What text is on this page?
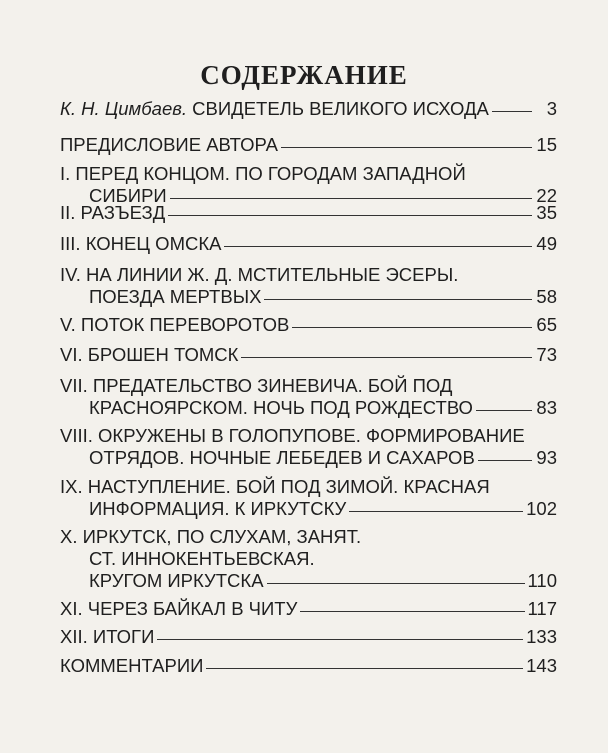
СОДЕРЖАНИЕ
К. Н. Цимбаев. СВИДЕТЕЛЬ ВЕЛИКОГО ИСХОДА	3
ПРЕДИСЛОВИЕ АВТОРА	15
I. ПЕРЕД КОНЦОМ. ПО ГОРОДАМ ЗАПАДНОЙ
СИБИРИ	22
II. РАЗЪЕЗД	35
III. КОНЕЦ ОМСКА	49
IV. НА ЛИНИИ Ж. Д. МСТИТЕЛЬНЫЕ ЭСЕРЫ.
ПОЕЗДА МЕРТВЫХ	58
V. ПОТОК ПЕРЕВОРОТОВ	65
VI. БРОШЕН ТОМСК	73
VII. ПРЕДАТЕЛЬСТВО ЗИНЕВИЧА. БОЙ ПОД
КРАСНОЯРСКОМ. НОЧЬ ПОД РОЖДЕСТВО	83
VIII. ОКРУЖЕНЫ В ГОЛОПУПОВЕ. ФОРМИРОВАНИЕ
ОТРЯДОВ. НОЧНЫЕ ЛЕБЕДЕВ И САХАРОВ	93
IX. НАСТУПЛЕНИЕ. БОЙ ПОД ЗИМОЙ. КРАСНАЯ
ИНФОРМАЦИЯ. К ИРКУТСКУ	102
X. ИРКУТСК, ПО СЛУХАМ, ЗАНЯТ.
СТ. ИННОКЕНТЬЕВСКАЯ.
КРУГОМ ИРКУТСКА	110
XI. ЧЕРЕЗ БАЙКАЛ В ЧИТУ	117
XII. ИТОГИ	133
КОММЕНТАРИИ	143
